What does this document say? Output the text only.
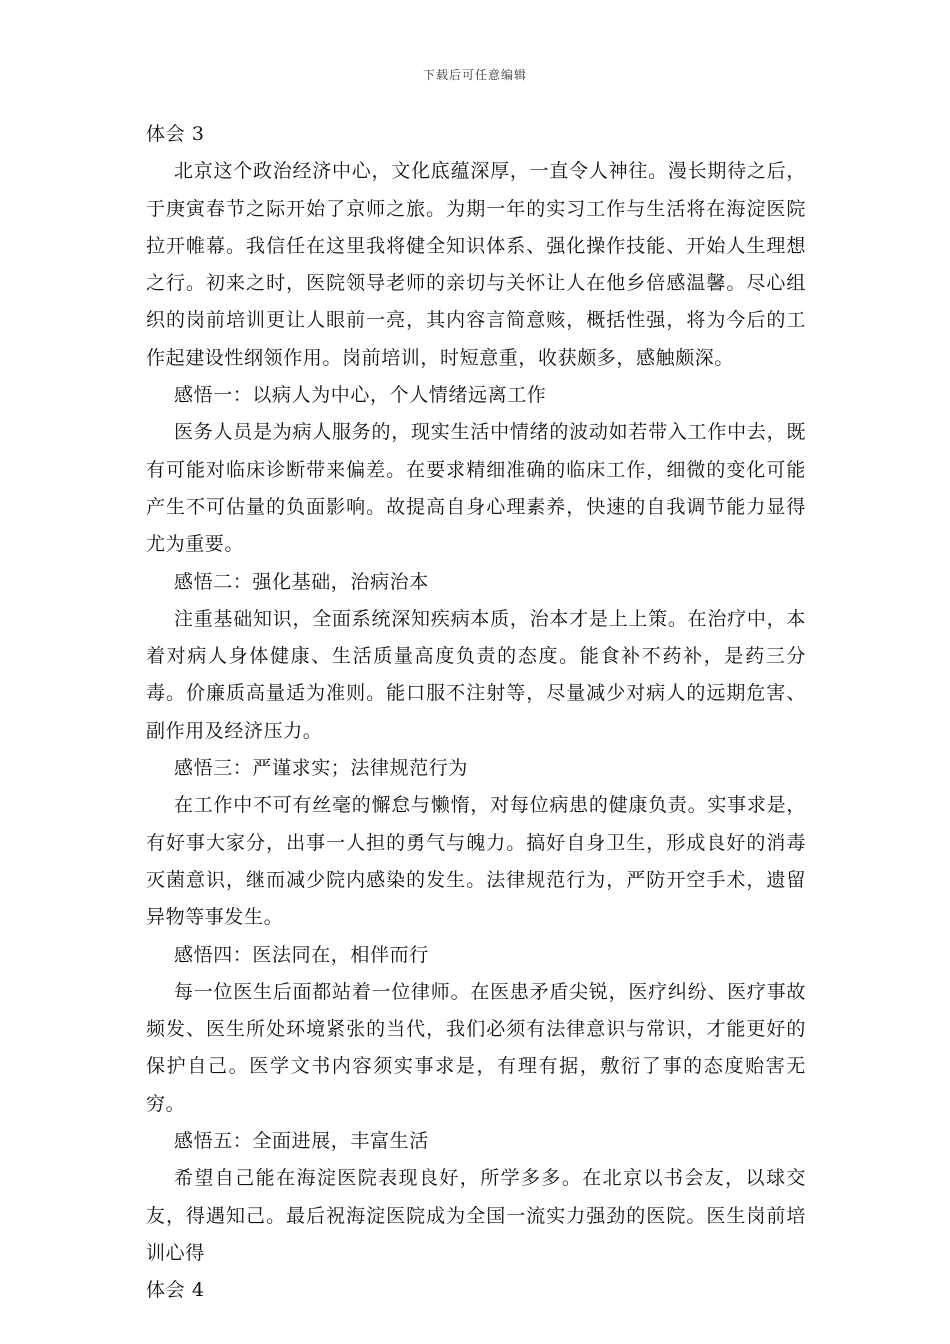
下载后可任意编辑

体会 3

北京这个政治经济中心，文化底蕴深厚，一直令人神往。漫长期待之后，于庚寅春节之际开始了京师之旅。为期一年的实习工作与生活将在海淀医院拉开帷幕。我信任在这里我将健全知识体系、强化操作技能、开始人生理想之行。初来之时，医院领导老师的亲切与关怀让人在他乡倍感温馨。尽心组织的岗前培训更让人眼前一亮，其内容言简意赅，概括性强，将为今后的工作起建设性纲领作用。岗前培训，时短意重，收获颇多，感触颇深。

感悟一：以病人为中心，个人情绪远离工作

医务人员是为病人服务的，现实生活中情绪的波动如若带入工作中去，既有可能对临床诊断带来偏差。在要求精细准确的临床工作，细微的变化可能产生不可估量的负面影响。故提高自身心理素养，快速的自我调节能力显得尤为重要。

感悟二：强化基础，治病治本

注重基础知识，全面系统深知疾病本质，治本才是上上策。在治疗中，本着对病人身体健康、生活质量高度负责的态度。能食补不药补，是药三分毒。价廉质高量适为准则。能口服不注射等，尽量减少对病人的远期危害、副作用及经济压力。

感悟三：严谨求实；法律规范行为

在工作中不可有丝毫的懈怠与懒惰，对每位病患的健康负责。实事求是，有好事大家分，出事一人担的勇气与魄力。搞好自身卫生，形成良好的消毒灭菌意识，继而减少院内感染的发生。法律规范行为，严防开空手术，遗留异物等事发生。

感悟四：医法同在，相伴而行

每一位医生后面都站着一位律师。在医患矛盾尖锐，医疗纠纷、医疗事故频发、医生所处环境紧张的当代，我们必须有法律意识与常识，才能更好的保护自己。医学文书内容须实事求是，有理有据，敷衍了事的态度贻害无穷。

感悟五：全面进展，丰富生活

希望自己能在海淀医院表现良好，所学多多。在北京以书会友，以球交友，得遇知己。最后祝海淀医院成为全国一流实力强劲的医院。医生岗前培训心得

体会 4
